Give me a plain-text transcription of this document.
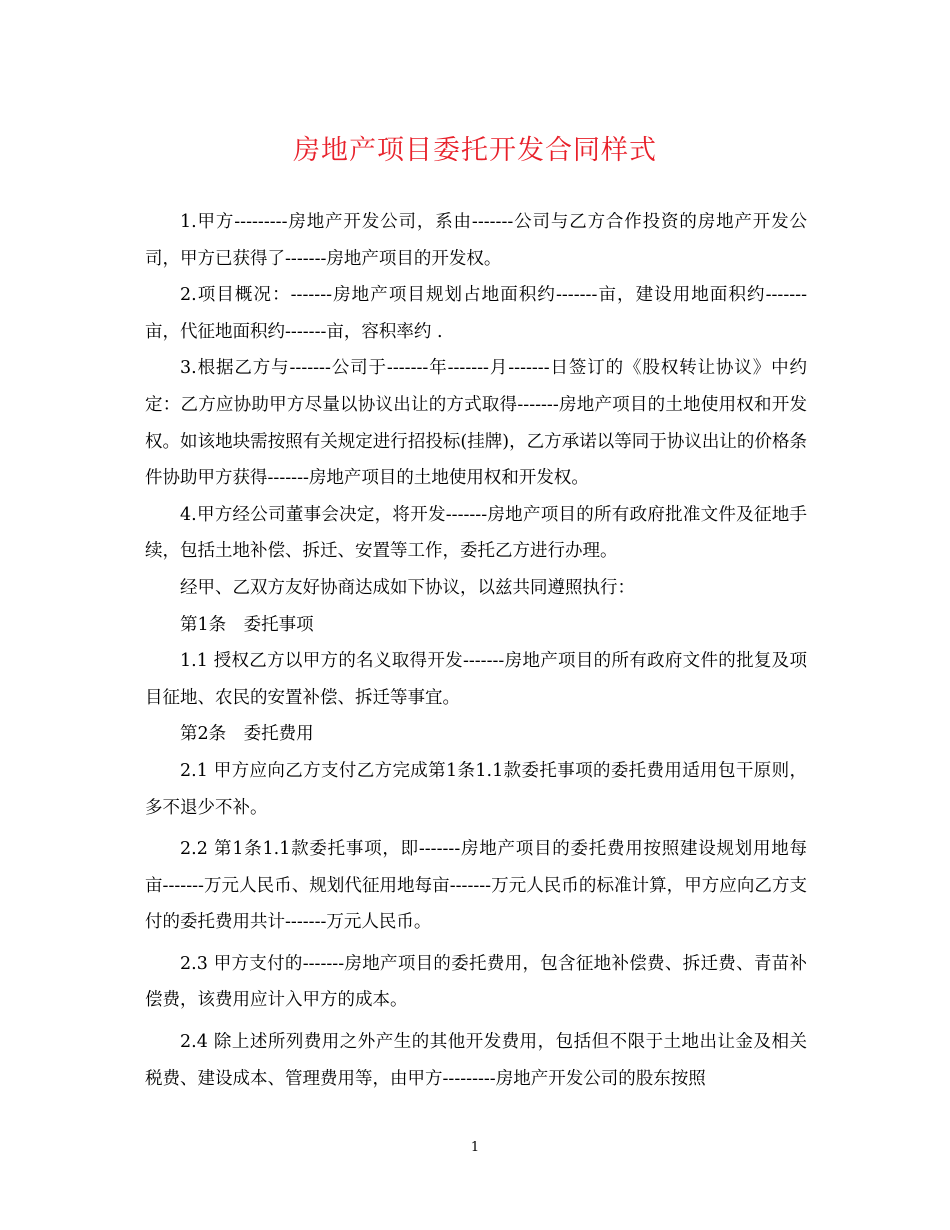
房地产项目委托开发合同样式

1.甲方---------房地产开发公司，系由-------公司与乙方合作投资的房地产开发公司，甲方已获得了-------房地产项目的开发权。

2.项目概况：-------房地产项目规划占地面积约-------亩，建设用地面积约-------亩，代征地面积约-------亩，容积率约 .

3.根据乙方与-------公司于-------年-------月-------日签订的《股权转让协议》中约定：乙方应协助甲方尽量以协议出让的方式取得-------房地产项目的土地使用权和开发权。如该地块需按照有关规定进行招投标(挂牌)，乙方承诺以等同于协议出让的价格条件协助甲方获得-------房地产项目的土地使用权和开发权。

4.甲方经公司董事会决定，将开发-------房地产项目的所有政府批准文件及征地手续，包括土地补偿、拆迁、安置等工作，委托乙方进行办理。

经甲、乙双方友好协商达成如下协议，以兹共同遵照执行：

第1条　委托事项

1.1 授权乙方以甲方的名义取得开发-------房地产项目的所有政府文件的批复及项目征地、农民的安置补偿、拆迁等事宜。

第2条　委托费用

2.1 甲方应向乙方支付乙方完成第1条1.1款委托事项的委托费用适用包干原则，多不退少不补。

2.2 第1条1.1款委托事项，即-------房地产项目的委托费用按照建设规划用地每亩-------万元人民币、规划代征用地每亩-------万元人民币的标准计算，甲方应向乙方支付的委托费用共计-------万元人民币。

2.3 甲方支付的-------房地产项目的委托费用，包含征地补偿费、拆迁费、青苗补偿费，该费用应计入甲方的成本。

2.4 除上述所列费用之外产生的其他开发费用，包括但不限于土地出让金及相关税费、建设成本、管理费用等，由甲方---------房地产开发公司的股东按照

1
